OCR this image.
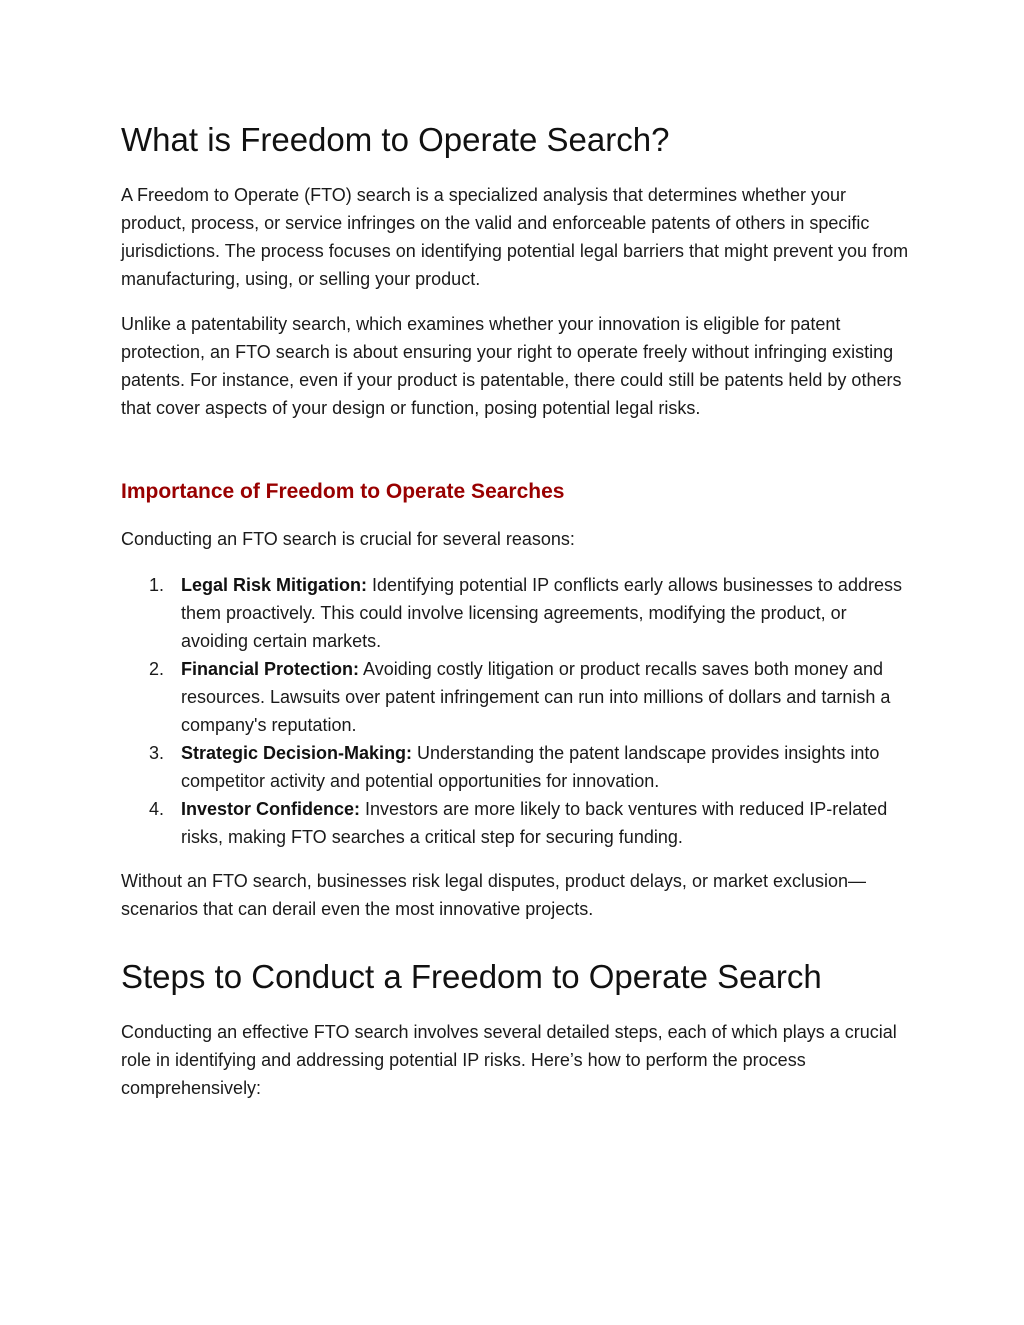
What is Freedom to Operate Search?

A Freedom to Operate (FTO) search is a specialized analysis that determines whether your product, process, or service infringes on the valid and enforceable patents of others in specific jurisdictions. The process focuses on identifying potential legal barriers that might prevent you from manufacturing, using, or selling your product.

Unlike a patentability search, which examines whether your innovation is eligible for patent protection, an FTO search is about ensuring your right to operate freely without infringing existing patents. For instance, even if your product is patentable, there could still be patents held by others that cover aspects of your design or function, posing potential legal risks.

Importance of Freedom to Operate Searches

Conducting an FTO search is crucial for several reasons:

1. Legal Risk Mitigation: Identifying potential IP conflicts early allows businesses to address them proactively. This could involve licensing agreements, modifying the product, or avoiding certain markets.
2. Financial Protection: Avoiding costly litigation or product recalls saves both money and resources. Lawsuits over patent infringement can run into millions of dollars and tarnish a company's reputation.
3. Strategic Decision-Making: Understanding the patent landscape provides insights into competitor activity and potential opportunities for innovation.
4. Investor Confidence: Investors are more likely to back ventures with reduced IP-related risks, making FTO searches a critical step for securing funding.

Without an FTO search, businesses risk legal disputes, product delays, or market exclusion—scenarios that can derail even the most innovative projects.

Steps to Conduct a Freedom to Operate Search

Conducting an effective FTO search involves several detailed steps, each of which plays a crucial role in identifying and addressing potential IP risks. Here’s how to perform the process comprehensively:
